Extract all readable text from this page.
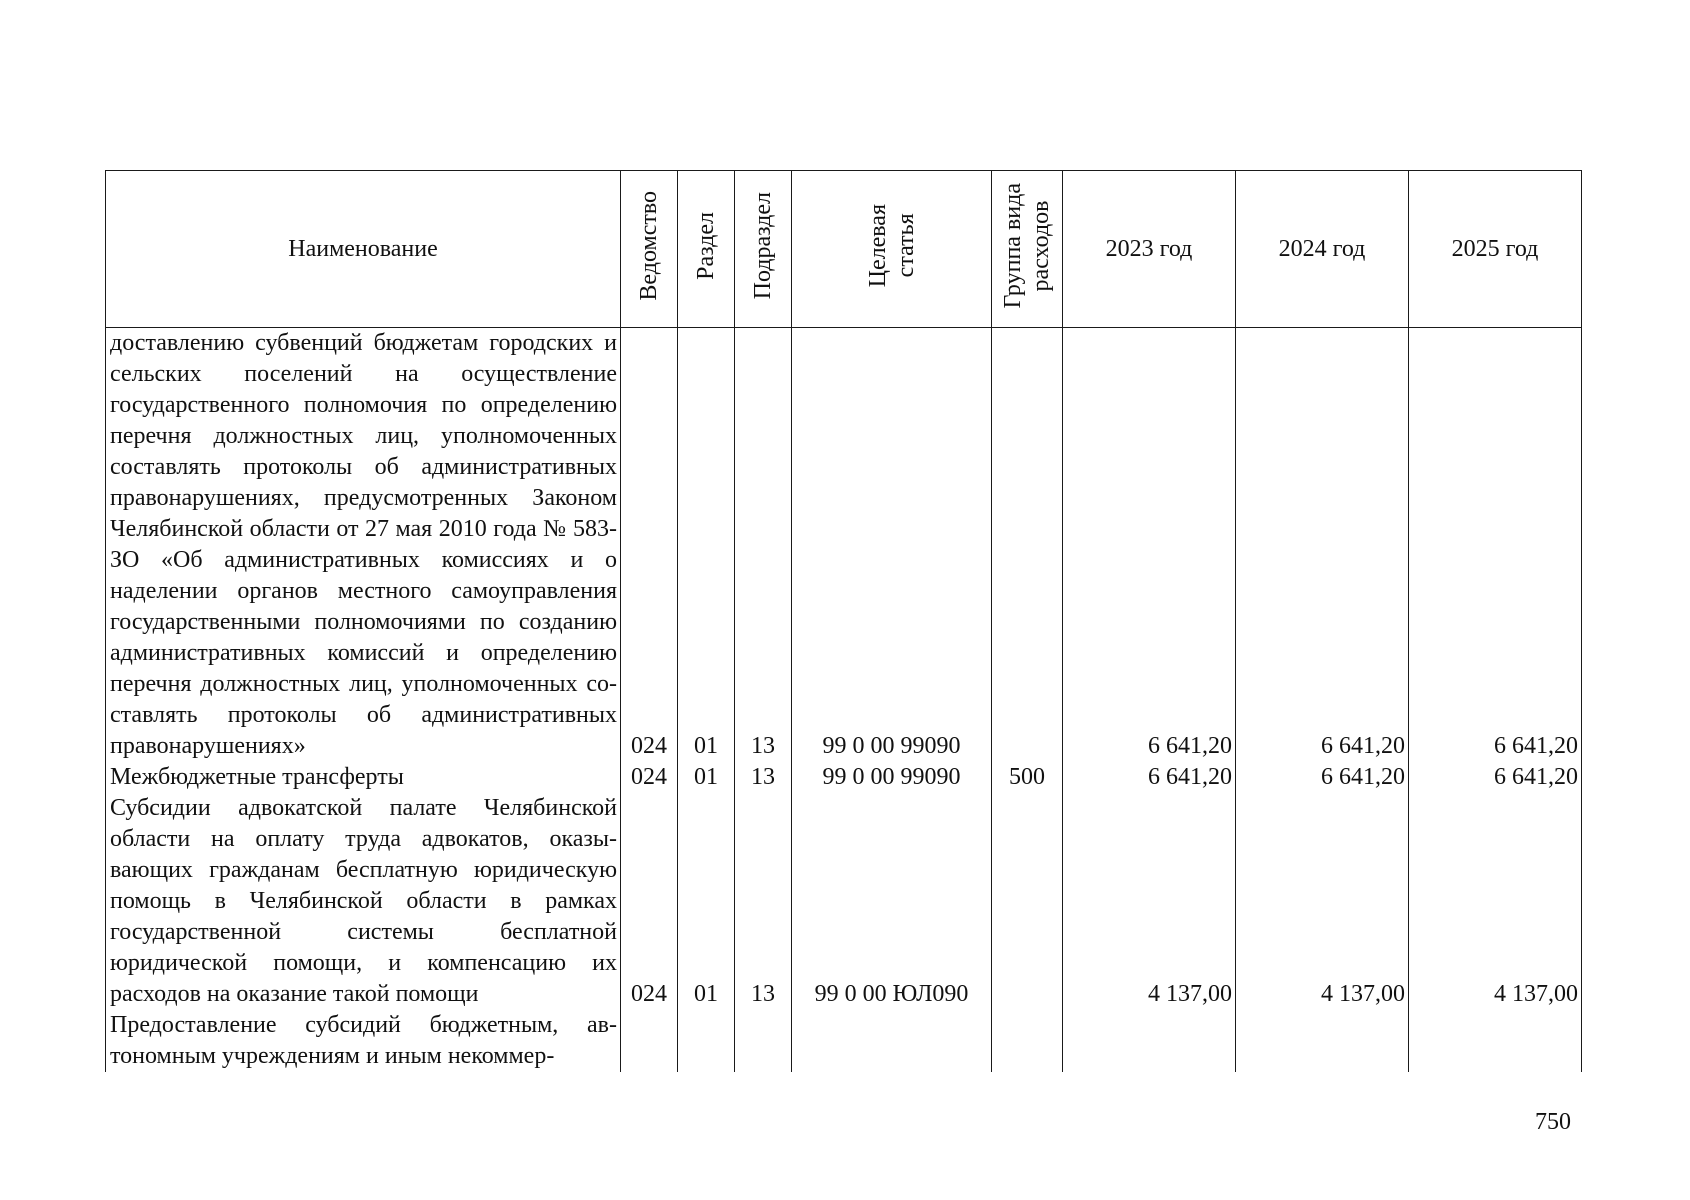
Наименование	Ведомство	Раздел	Подраздел	Целевая
статья	Группа вида
расходов	2023 год	2024 год	2025 год
доставлению субвенций бюджетам городских и сельских поселений на осуществление государственного полномочия по определению перечня должностных лиц, уполномоченных составлять протоколы об административных правонарушениях, предусмотренных Законом Челябинской области от 27 мая 2010 года № 583-ЗО «Об административных комиссиях и о наделении органов местного самоуправления государственными полномочиями по созданию административных комиссий и определению перечня должностных лиц, уполномоченных составлять протоколы об административных правонарушениях»	024	01	13	99 0 00 99090		6 641,20	6 641,20	6 641,20
Межбюджетные трансферты	024	01	13	99 0 00 99090	500	6 641,20	6 641,20	6 641,20
Субсидии адвокатской палате Челябинской области на оплату труда адвокатов, оказывающих гражданам бесплатную юридическую помощь в Челябинской области в рамках государственной системы бесплатной юридической помощи, и компенсацию их расходов на оказание такой помощи	024	01	13	99 0 00 ЮЛ090		4 137,00	4 137,00	4 137,00
Предоставление субсидий бюджетным, автономным учреждениям и иным некоммер-								
750
